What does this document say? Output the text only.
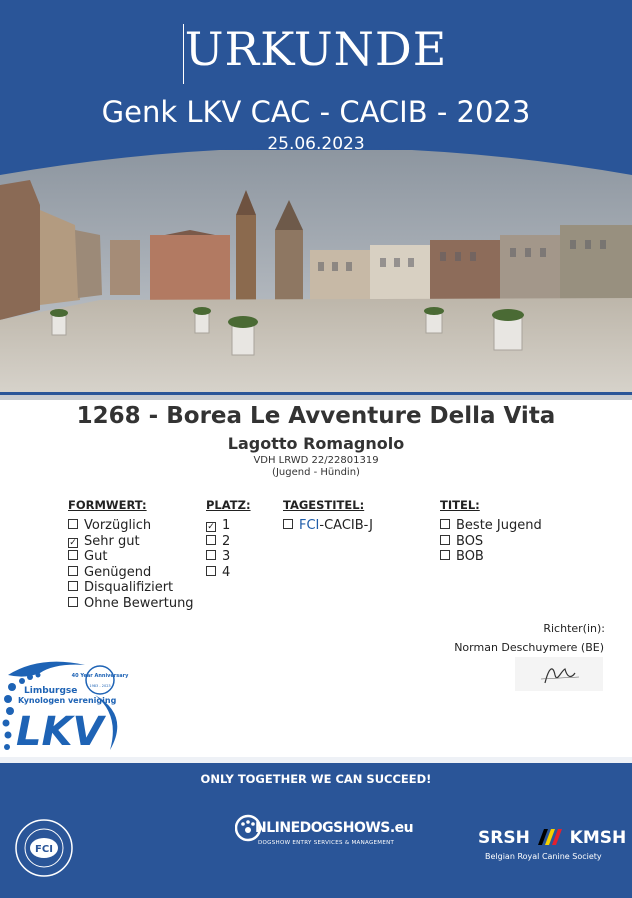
URKUNDE
Genk LKV CAC - CACIB - 2023
25.06.2023
1268 - Borea Le Avventure Della Vita
Lagotto Romagnolo
VDH LRWD 22/22801319
(Jugend - Hündin)
FORMWERT:
Vorzüglich
✓ Sehr gut
Gut
Genügend
Disqualifiziert
Ohne Bewertung
PLATZ:
✓ 1
2
3
4
TAGESTITEL:
FCI-CACIB-J
TITEL:
Beste Jugend
BOS
BOB
Richter(in):
Norman Deschuymere (BE)
40 Year Anniversary
1983 - 2023
Limburgse
Kynologen vereniging
LKV
ONLY TOGETHER WE CAN SUCCEED!
FCI
NLINEDOGSHOWS.eu
DOGSHOW ENTRY SERVICES & MANAGEMENT	SRSH KMSH
Belgian Royal Canine Society
